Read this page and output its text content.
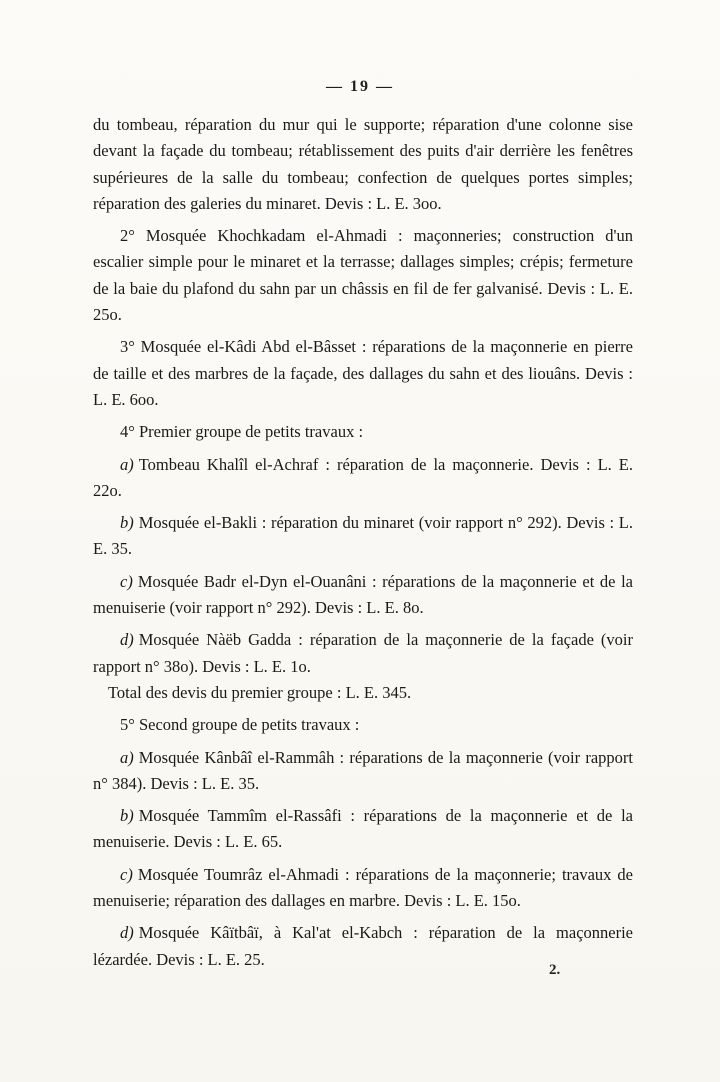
— 19 —

du tombeau, réparation du mur qui le supporte; réparation d'une colonne sise devant la façade du tombeau; rétablissement des puits d'air derrière les fenêtres supérieures de la salle du tombeau; confection de quelques portes simples; réparation des galeries du minaret. Devis : L. E. 3oo.

2° Mosquée Khochkadam el-Ahmadi : maçonneries; construction d'un escalier simple pour le minaret et la terrasse; dallages simples; crépis; fermeture de la baie du plafond du sahn par un châssis en fil de fer galvanisé. Devis : L. E. 25o.

3° Mosquée el-Kâdi Abd el-Bâsset : réparations de la maçonnerie en pierre de taille et des marbres de la façade, des dallages du sahn et des liouâns. Devis : L. E. 6oo.

4° Premier groupe de petits travaux :

a) Tombeau Khalîl el-Achraf : réparation de la maçonnerie. Devis : L. E. 22o.

b) Mosquée el-Bakli : réparation du minaret (voir rapport n° 292). Devis : L. E. 35.

c) Mosquée Badr el-Dyn el-Ouanâni : réparations de la maçonnerie et de la menuiserie (voir rapport n° 292). Devis : L. E. 8o.

d) Mosquée Nàëb Gadda : réparation de la maçonnerie de la façade (voir rapport n° 38o). Devis : L. E. 1o.

Total des devis du premier groupe : L. E. 345.

5° Second groupe de petits travaux :

a) Mosquée Kânbâî el-Rammâh : réparations de la maçonnerie (voir rapport n° 384). Devis : L. E. 35.

b) Mosquée Tammîm el-Rassâfi : réparations de la maçonnerie et de la menuiserie. Devis : L. E. 65.

c) Mosquée Toumrâz el-Ahmadi : réparations de la maçonnerie; travaux de menuiserie; réparation des dallages en marbre. Devis : L. E. 15o.

d) Mosquée Kâïtbâï, à Kal'at el-Kabch : réparation de la maçonnerie lézardée. Devis : L. E. 25.

2.
